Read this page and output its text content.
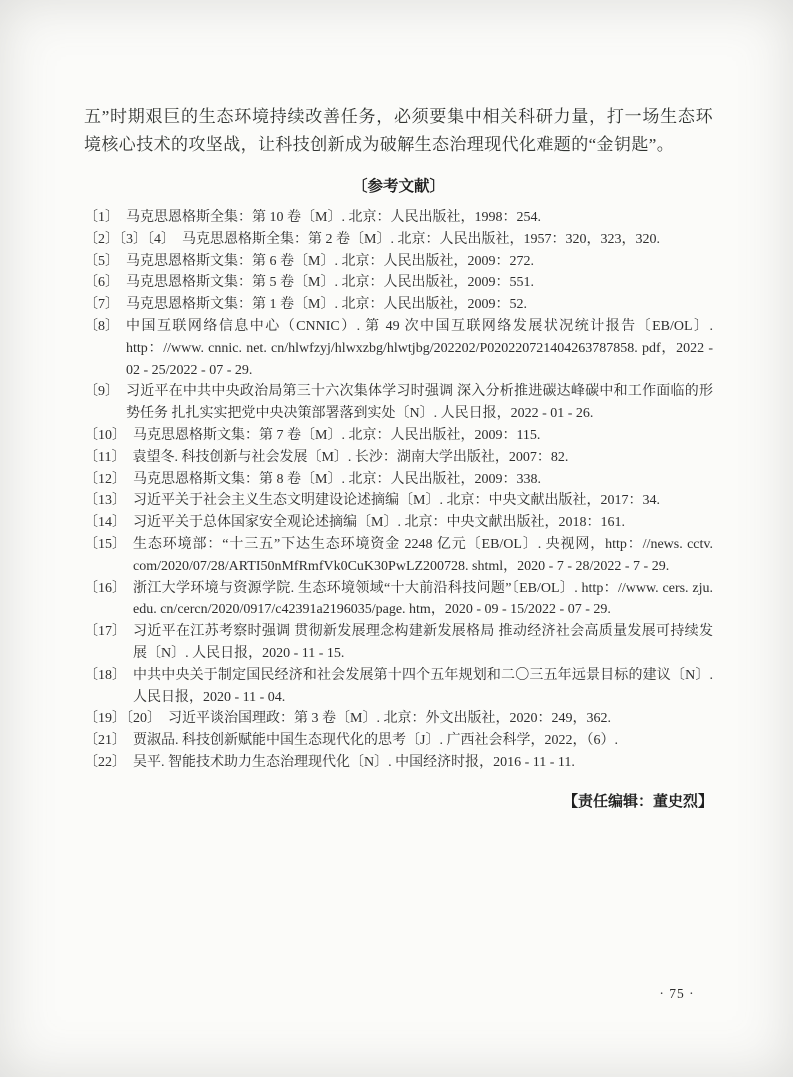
五”时期艰巨的生态环境持续改善任务，必须要集中相关科研力量，打一场生态环境核心技术的攻坚战，让科技创新成为破解生态治理现代化难题的“金钥匙”。

〔参考文献〕
〔1〕 马克思恩格斯全集：第 10 卷〔M〕. 北京：人民出版社，1998：254.
〔2〕〔3〕〔4〕 马克思恩格斯全集：第 2 卷〔M〕. 北京：人民出版社，1957：320，323，320.
〔5〕 马克思恩格斯文集：第 6 卷〔M〕. 北京：人民出版社，2009：272.
〔6〕 马克思恩格斯文集：第 5 卷〔M〕. 北京：人民出版社，2009：551.
〔7〕 马克思恩格斯文集：第 1 卷〔M〕. 北京：人民出版社，2009：52.
〔8〕 中国互联网络信息中心（CNNIC）. 第 49 次中国互联网络发展状况统计报告〔EB/OL〕. http：//www. cnnic. net. cn/hlwfzyj/hlwxzbg/hlwtjbg/202202/P020220721404263787858. pdf，2022 - 02 - 25/2022 - 07 - 29.
〔9〕 习近平在中共中央政治局第三十六次集体学习时强调 深入分析推进碳达峰碳中和工作面临的形势任务 扎扎实实把党中央决策部署落到实处〔N〕. 人民日报，2022 - 01 - 26.
〔10〕 马克思恩格斯文集：第 7 卷〔M〕. 北京：人民出版社，2009：115.
〔11〕 袁望冬. 科技创新与社会发展〔M〕. 长沙：湖南大学出版社，2007：82.
〔12〕 马克思恩格斯文集：第 8 卷〔M〕. 北京：人民出版社，2009：338.
〔13〕 习近平关于社会主义生态文明建设论述摘编〔M〕. 北京：中央文献出版社，2017：34.
〔14〕 习近平关于总体国家安全观论述摘编〔M〕. 北京：中央文献出版社，2018：161.
〔15〕 生态环境部：“十三五”下达生态环境资金 2248 亿元〔EB/OL〕. 央视网，http：//news. cctv. com/2020/07/28/ARTI50nMfRmfVk0CuK30PwLZ200728. shtml，2020 - 7 - 28/2022 - 7 - 29.
〔16〕 浙江大学环境与资源学院. 生态环境领域“十大前沿科技问题”〔EB/OL〕. http：//www. cers. zju. edu. cn/cercn/2020/0917/c42391a2196035/page. htm，2020 - 09 - 15/2022 - 07 - 29.
〔17〕 习近平在江苏考察时强调 贯彻新发展理念构建新发展格局 推动经济社会高质量发展可持续发展〔N〕. 人民日报，2020 - 11 - 15.
〔18〕 中共中央关于制定国民经济和社会发展第十四个五年规划和二〇三五年远景目标的建议〔N〕. 人民日报，2020 - 11 - 04.
〔19〕〔20〕 习近平谈治国理政：第 3 卷〔M〕. 北京：外文出版社，2020：249，362.
〔21〕 贾淑品. 科技创新赋能中国生态现代化的思考〔J〕. 广西社会科学，2022，（6）.
〔22〕 吴平. 智能技术助力生态治理现代化〔N〕. 中国经济时报，2016 - 11 - 11.
【责任编辑：董史烈】
· 75 ·
